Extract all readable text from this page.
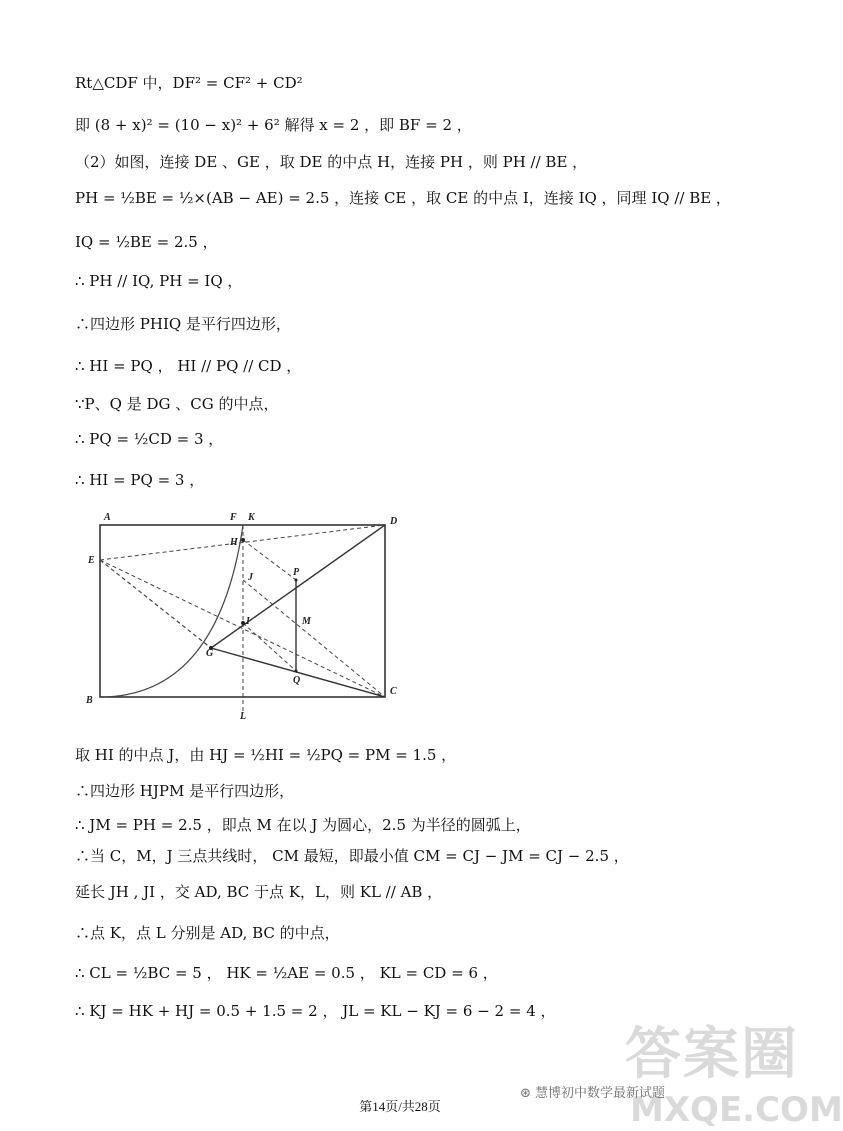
Rt△CDF 中，DF² = CF² + CD²
即 (8 + x)² = (10 − x)² + 6² 解得 x = 2 ，即 BF = 2 ，
（2）如图，连接 DE 、GE ，取 DE 的中点 H，连接 PH ，则 PH // BE ，
PH = ½BE = ½×(AB − AE) = 2.5 ，连接 CE ，取 CE 的中点 I，连接 IQ ，同理 IQ // BE ，
IQ = ½BE = 2.5 ，
∴ PH // IQ, PH = IQ ，
∴四边形 PHIQ 是平行四边形，
∴ HI = PQ ， HI // PQ // CD ，
∵P、Q 是 DG 、CG 的中点，
∴ PQ = ½CD = 3 ，
∴ HI = PQ = 3 ，
A	F K	D
H
E
J	P
M
I
G
Q
B
C
L
取 HI 的中点 J，由 HJ = ½HI = ½PQ = PM = 1.5 ，
∴四边形 HJPM 是平行四边形，
∴ JM = PH = 2.5 ，即点 M 在以 J 为圆心，2.5 为半径的圆弧上，
∴当 C，M，J 三点共线时， CM 最短，即最小值 CM = CJ − JM = CJ − 2.5 ，
延长 JH , JI ，交 AD, BC 于点 K，L，则 KL // AB ，
∴点 K，点 L 分别是 AD, BC 的中点，
∴ CL = ½BC = 5 ， HK = ½AE = 0.5 ， KL = CD = 6 ，
∴ KJ = HK + HJ = 0.5 + 1.5 = 2 ， JL = KL − KJ = 6 − 2 = 4 ，
答案圈
MXQE.COM
⊛ 慧博初中数学最新试题
第14页/共28页
